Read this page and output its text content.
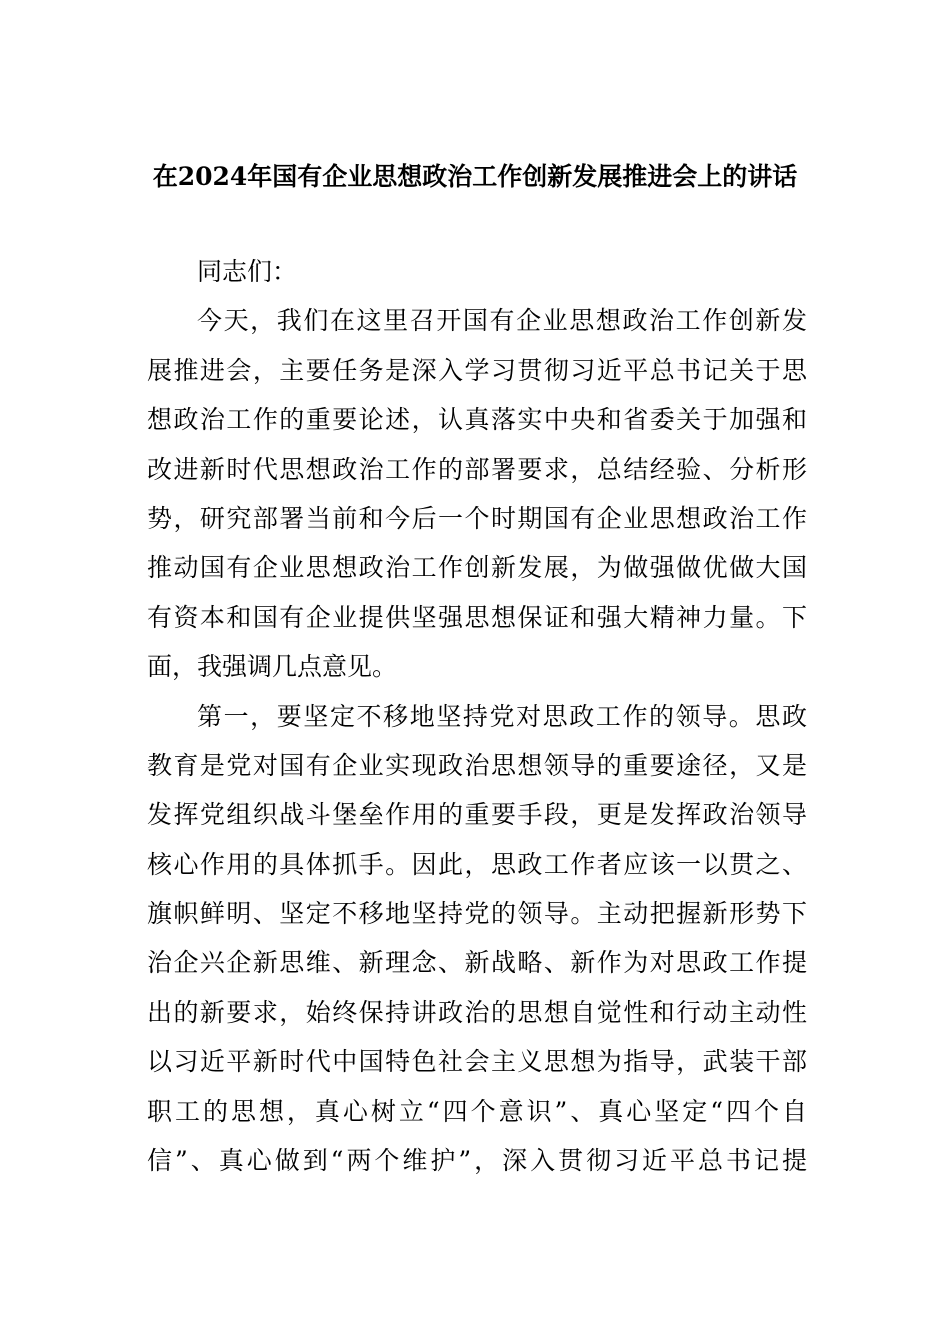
在2024年国有企业思想政治工作创新发展推进会上的讲话
同志们：
今天，我们在这里召开国有企业思想政治工作创新发
展推进会，主要任务是深入学习贯彻习近平总书记关于思
想政治工作的重要论述，认真落实中央和省委关于加强和
改进新时代思想政治工作的部署要求，总结经验、分析形
势，研究部署当前和今后一个时期国有企业思想政治工作
推动国有企业思想政治工作创新发展，为做强做优做大国
有资本和国有企业提供坚强思想保证和强大精神力量。下
面，我强调几点意见。
第一，要坚定不移地坚持党对思政工作的领导。思政
教育是党对国有企业实现政治思想领导的重要途径，又是
发挥党组织战斗堡垒作用的重要手段，更是发挥政治领导
核心作用的具体抓手。因此，思政工作者应该一以贯之、
旗帜鲜明、坚定不移地坚持党的领导。主动把握新形势下
治企兴企新思维、新理念、新战略、新作为对思政工作提
出的新要求，始终保持讲政治的思想自觉性和行动主动性
以习近平新时代中国特色社会主义思想为指导，武装干部
职工的思想，真心树立“四个意识”、真心坚定“四个自
信”、真心做到“两个维护”，深入贯彻习近平总书记提
